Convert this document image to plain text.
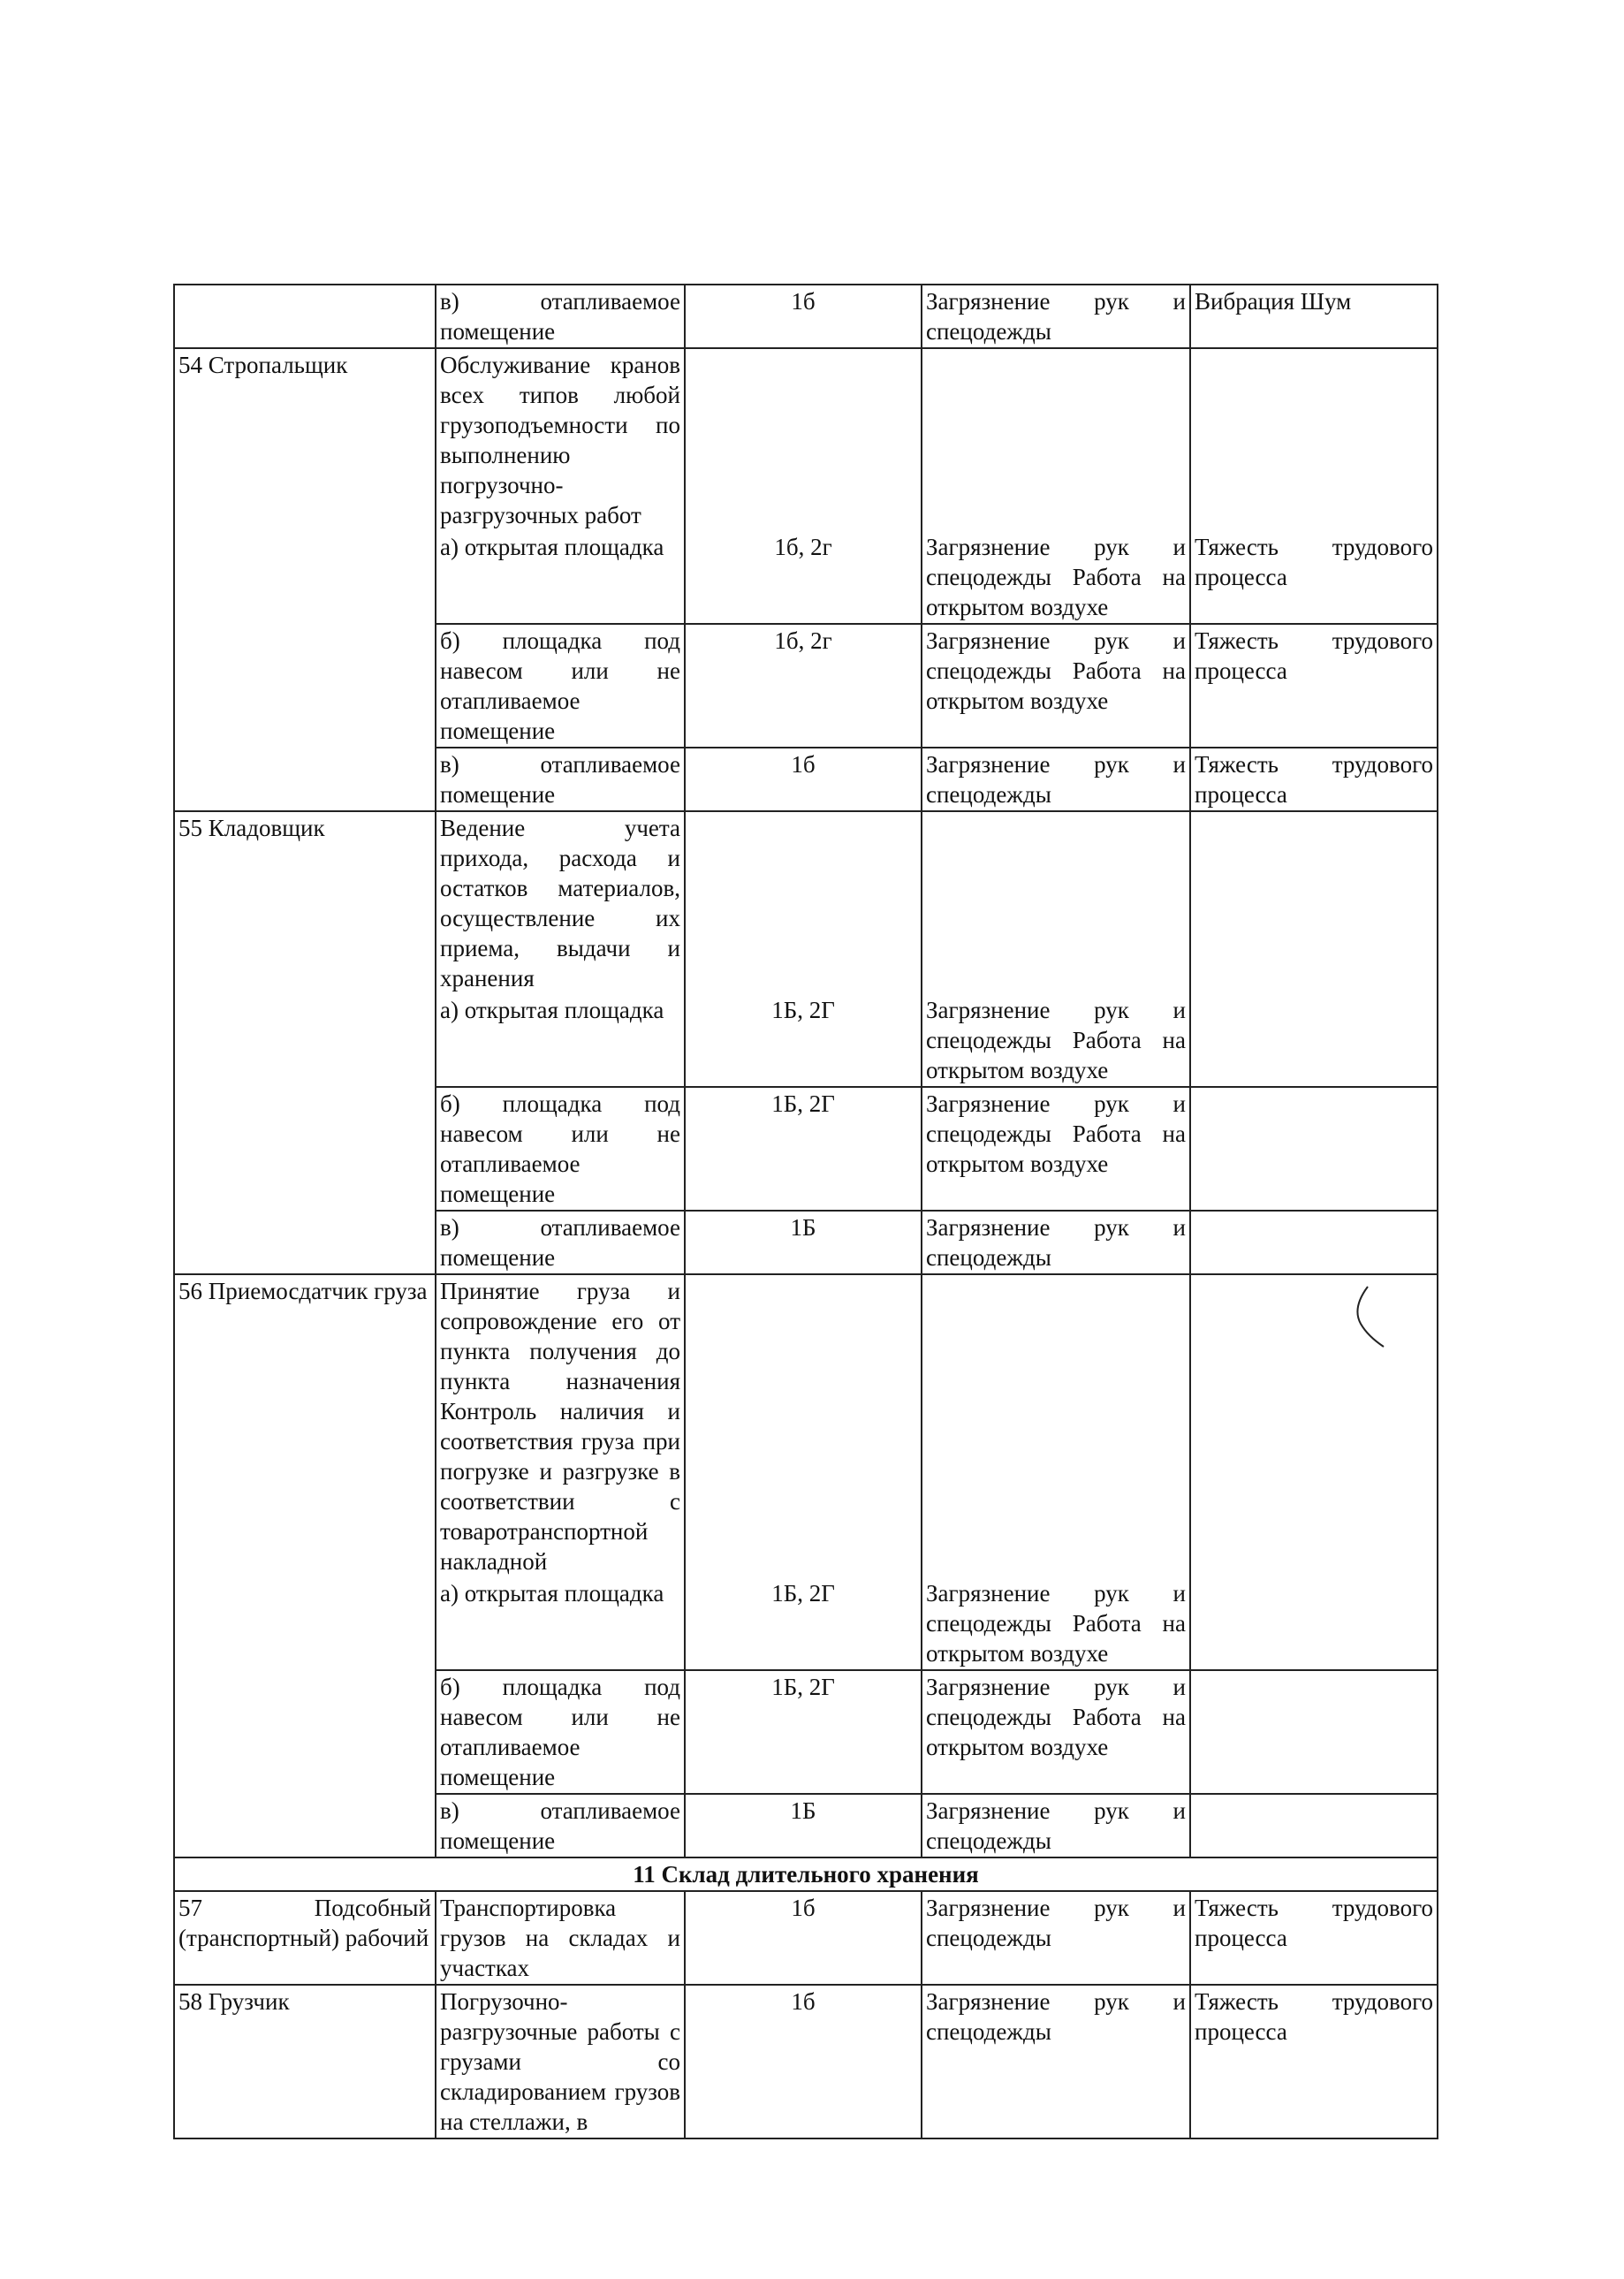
	в) отапливаемое помещение	1б	Загрязнение рук и спецодежды	Вибрация Шум
54 Стропальщик	Обслуживание кранов всех типов любой грузоподъемности по выполнению погрузочно-разгрузочных работ			
	а) открытая площадка	1б, 2г	Загрязнение рук и спецодежды Работа на открытом воздухе	Тяжесть трудового процесса
	б) площадка под навесом или не отапливаемое помещение	1б, 2г	Загрязнение рук и спецодежды Работа на открытом воздухе	Тяжесть трудового процесса
	в) отапливаемое помещение	1б	Загрязнение рук и спецодежды	Тяжесть трудового процесса
55 Кладовщик	Ведение учета прихода, расхода и остатков материалов, осуществление их приема, выдачи и хранения			
	а) открытая площадка	1Б, 2Г	Загрязнение рук и спецодежды Работа на открытом воздухе	
	б) площадка под навесом или не отапливаемое помещение	1Б, 2Г	Загрязнение рук и спецодежды Работа на открытом воздухе	
	в) отапливаемое помещение	1Б	Загрязнение рук и спецодежды	
56 Приемосдатчик груза	Принятие груза и сопровождение его от пункта получения до пункта назначения Контроль наличия и соответствия груза при погрузке и разгрузке в соответствии с товаротранспортной накладной			
	а) открытая площадка	1Б, 2Г	Загрязнение рук и спецодежды Работа на открытом воздухе	
	б) площадка под навесом или не отапливаемое помещение	1Б, 2Г	Загрязнение рук и спецодежды Работа на открытом воздухе	
	в) отапливаемое помещение	1Б	Загрязнение рук и спецодежды	
11 Склад длительного хранения				
57 Подсобный (транспортный) рабочий	Транспортировка грузов на складах и участках	1б	Загрязнение рук и спецодежды	Тяжесть трудового процесса
58 Грузчик	Погрузочно-разгрузочные работы с грузами со складированием грузов на стеллажи, в	1б	Загрязнение рук и спецодежды	Тяжесть трудового процесса
